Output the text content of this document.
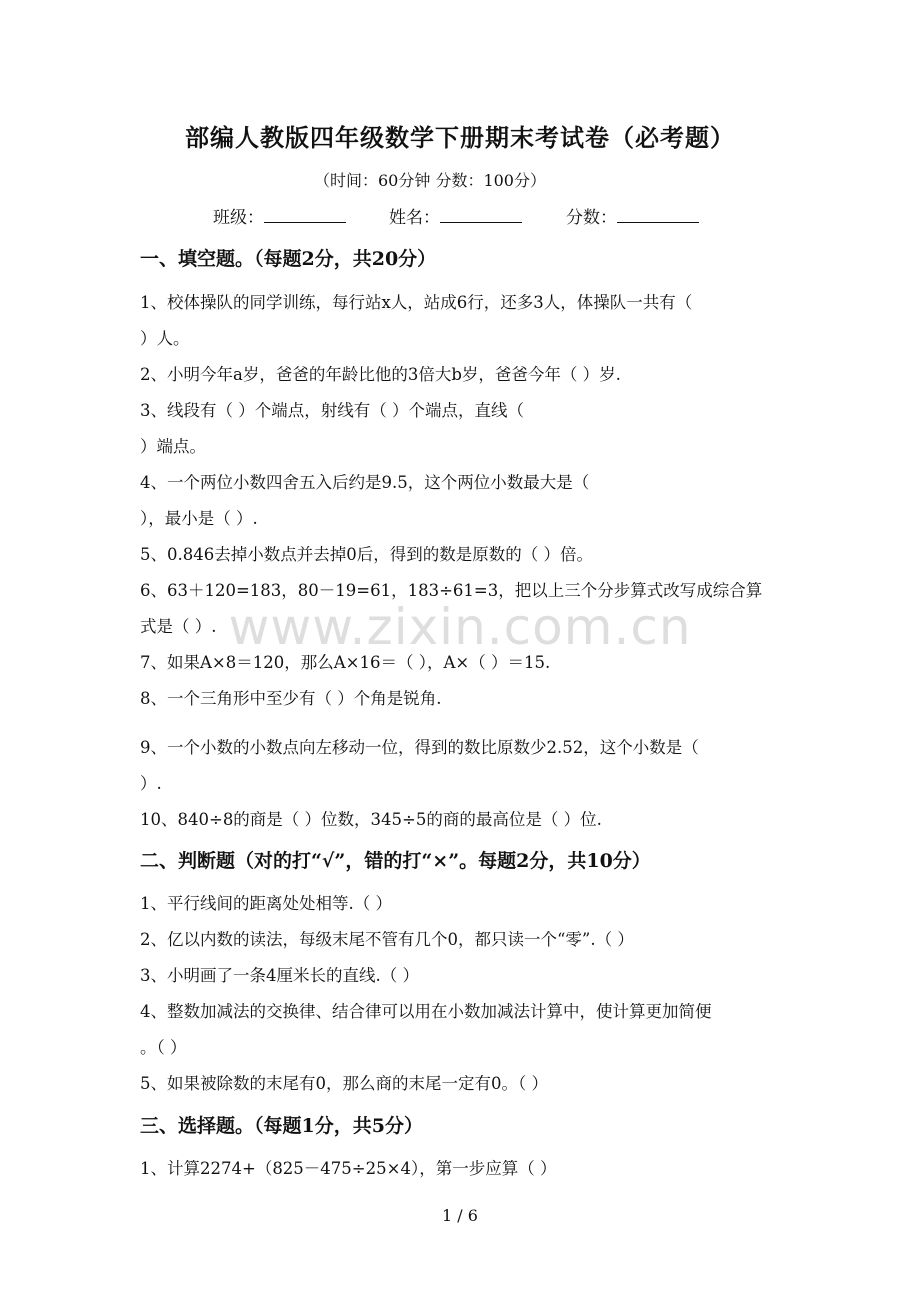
www.zixin.com.cn
部编人教版四年级数学下册期末考试卷（必考题）
（时间：60分钟 分数：100分）
班级：	姓名：	分数：
一、填空题。（每题2分，共20分）
1、校体操队的同学训练，每行站x人，站成6行，还多3人，体操队一共有（
）人。
2、小明今年a岁，爸爸的年龄比他的3倍大b岁，爸爸今年（ ）岁.
3、线段有（ ）个端点，射线有（ ）个端点，直线（
）端点。
4、一个两位小数四舍五入后约是9.5，这个两位小数最大是（
），最小是（ ）.
5、0.846去掉小数点并去掉0后，得到的数是原数的（ ）倍。
6、63＋120=183，80－19=61，183÷61=3，把以上三个分步算式改写成综合算
式是（ ）.
7、如果A×8＝120，那么A×16＝（ ），A×（ ）＝15.
8、一个三角形中至少有（ ）个角是锐角.
9、一个小数的小数点向左移动一位，得到的数比原数少2.52，这个小数是（
）.
10、840÷8的商是（ ）位数，345÷5的商的最高位是（ ）位.
二、判断题（对的打“√”，错的打“×”。每题2分，共10分）
1、平行线间的距离处处相等.（ ）
2、亿以内数的读法，每级末尾不管有几个0，都只读一个“零”.（ ）
3、小明画了一条4厘米长的直线.（ ）
4、整数加减法的交换律、结合律可以用在小数加减法计算中，使计算更加简便
。（ ）
5、如果被除数的末尾有0，那么商的末尾一定有0。（ ）
三、选择题。（每题1分，共5分）
1、计算2274+（825－475÷25×4），第一步应算（ ）
1 / 6
